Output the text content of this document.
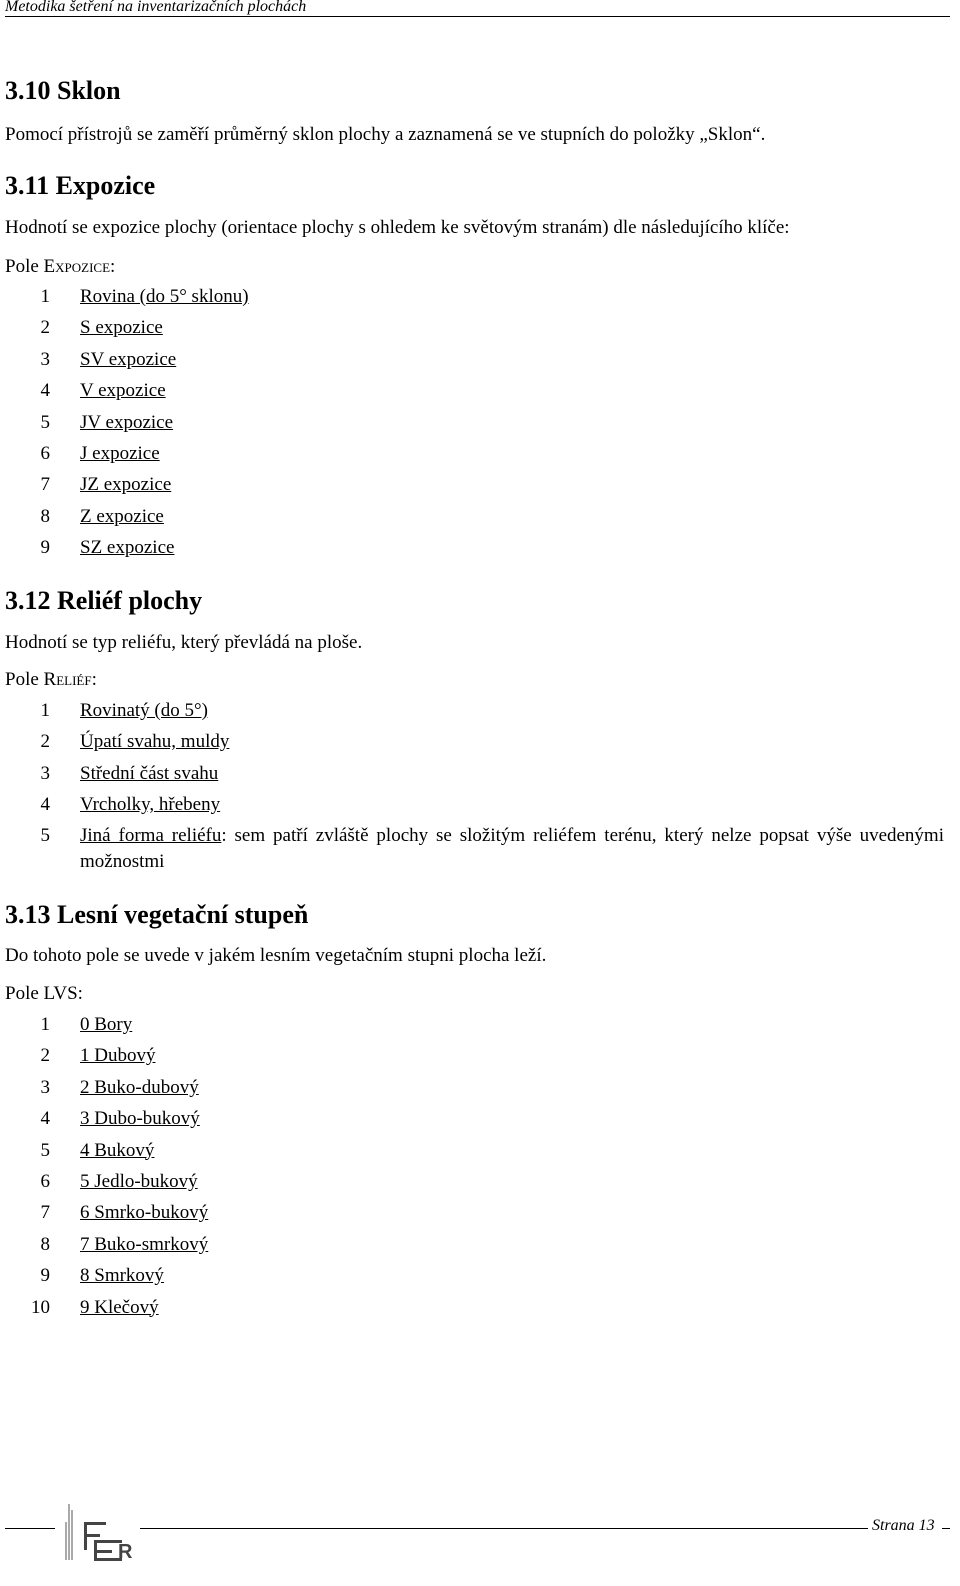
Metodika šetření na inventarizačních plochách
3.10 Sklon

Pomocí přístrojů se zaměří průměrný sklon plochy a zaznamená se ve stupních do položky „Sklon“.

3.11 Expozice

Hodnotí se expozice plochy (orientace plochy s ohledem ke světovým stranám) dle následujícího klíče:

Pole Expozice:

1 Rovina (do 5° sklonu)
2 S expozice
3 SV expozice
4 V expozice
5 JV expozice
6 J expozice
7 JZ expozice
8 Z expozice
9 SZ expozice
3.12 Reliéf plochy

Hodnotí se typ reliéfu, který převládá na ploše.

Pole Reliéf:

1 Rovinatý (do 5°)
2 Úpatí svahu, muldy
3 Střední část svahu
4 Vrcholky, hřebeny
5 Jiná forma reliéfu: sem patří zvláště plochy se složitým reliéfem terénu, který nelze popsat výše uvedenými možnostmi
3.13 Lesní vegetační stupeň

Do tohoto pole se uvede v jakém lesním vegetačním stupni plocha leží.

Pole LVS:

1 0 Bory
2 1 Dubový
3 2 Buko-dubový
4 3 Dubo-bukový
5 4 Bukový
6 5 Jedlo-bukový
7 6 Smrko-bukový
8 7 Buko-smrkový
9 8 Smrkový
10 9 Klečový
R
Strana 13
